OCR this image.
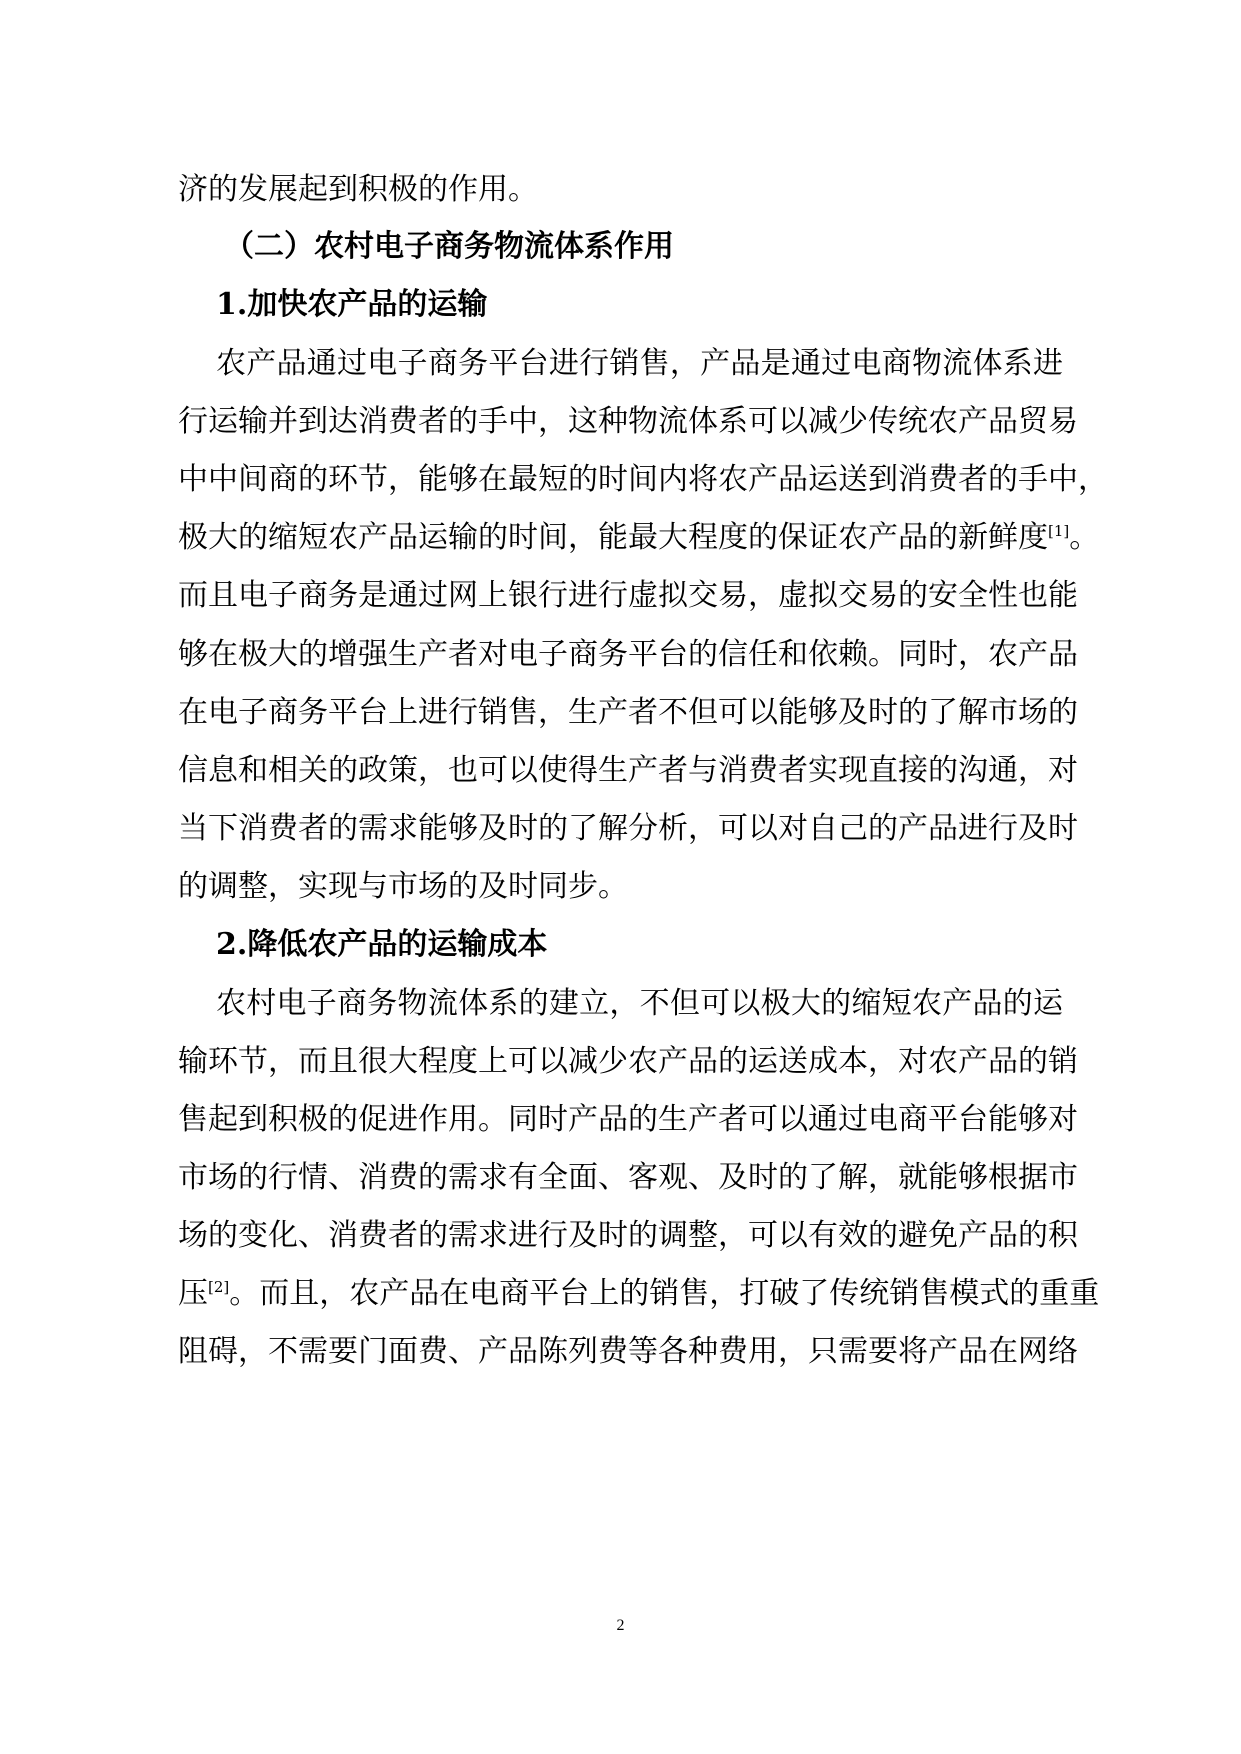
济的发展起到积极的作用。
（二）农村电子商务物流体系作用
1.加快农产品的运输
农产品通过电子商务平台进行销售，产品是通过电商物流体系进
行运输并到达消费者的手中，这种物流体系可以减少传统农产品贸易
中中间商的环节，能够在最短的时间内将农产品运送到消费者的手中，
极大的缩短农产品运输的时间，能最大程度的保证农产品的新鲜度[1]。
而且电子商务是通过网上银行进行虚拟交易，虚拟交易的安全性也能
够在极大的增强生产者对电子商务平台的信任和依赖。同时，农产品
在电子商务平台上进行销售，生产者不但可以能够及时的了解市场的
信息和相关的政策，也可以使得生产者与消费者实现直接的沟通，对
当下消费者的需求能够及时的了解分析，可以对自己的产品进行及时
的调整，实现与市场的及时同步。
2.降低农产品的运输成本
农村电子商务物流体系的建立，不但可以极大的缩短农产品的运
输环节，而且很大程度上可以减少农产品的运送成本，对农产品的销
售起到积极的促进作用。同时产品的生产者可以通过电商平台能够对
市场的行情、消费的需求有全面、客观、及时的了解，就能够根据市
场的变化、消费者的需求进行及时的调整，可以有效的避免产品的积
压[2]。而且，农产品在电商平台上的销售，打破了传统销售模式的重重
阻碍，不需要门面费、产品陈列费等各种费用，只需要将产品在网络
2
